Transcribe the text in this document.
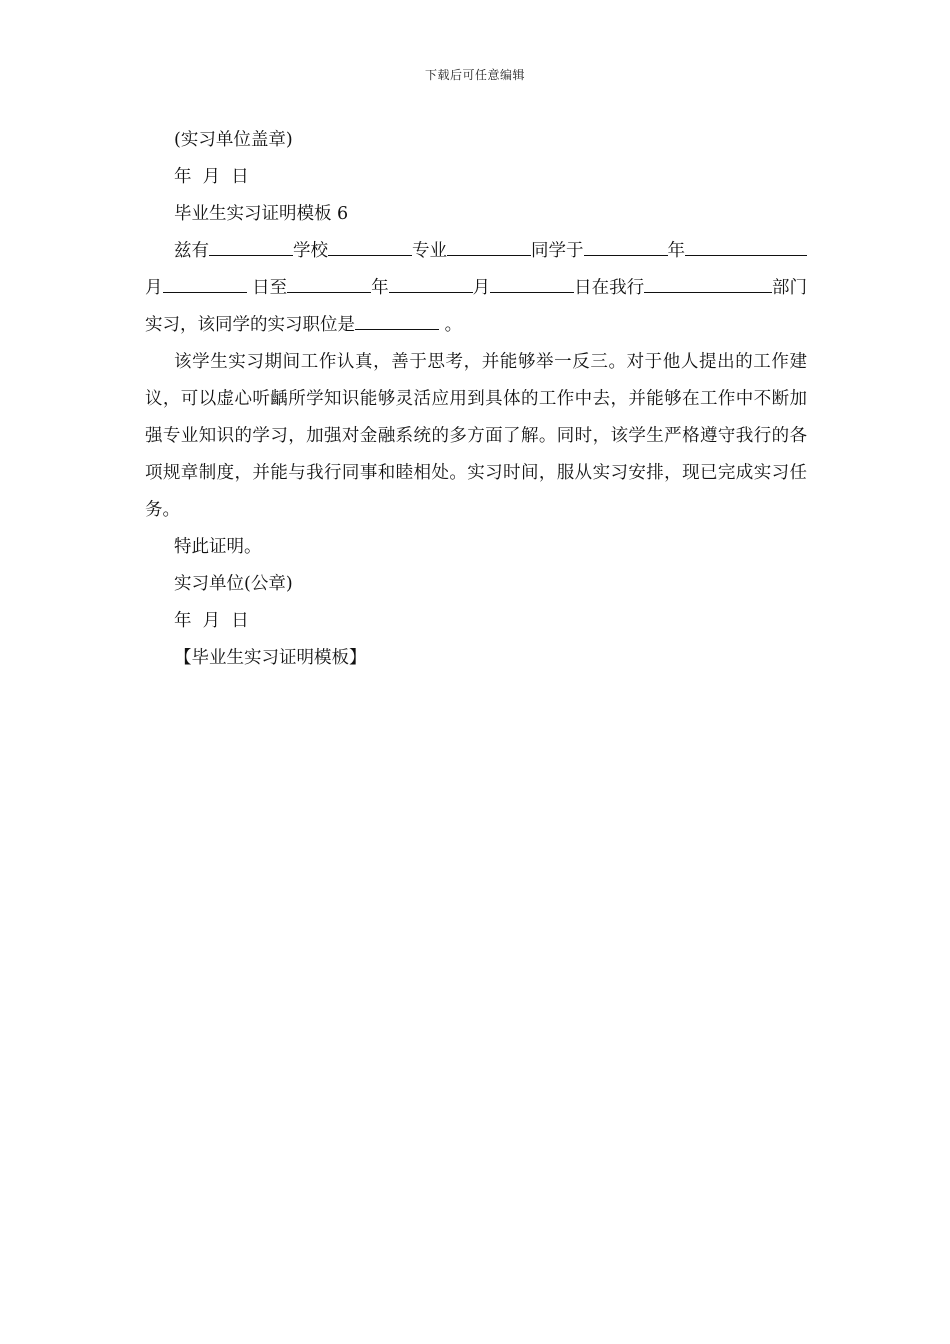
下载后可任意编辑
(实习单位盖章)
年  月  日
毕业生实习证明模板 6
兹有	学校	专业	同学于	年
月	日至	年	月	日在我行	部门
实习，该同学的实习职位是	。

该学生实习期间工作认真，善于思考，并能够举一反三。对于他人提出的工作建议，可以虚心听齲所学知识能够灵活应用到具体的工作中去，并能够在工作中不断加强专业知识的学习，加强对金融系统的多方面了解。同时，该学生严格遵守我行的各项规章制度，并能与我行同事和睦相处。实习时间，服从实习安排，现已完成实习任务。

特此证明。
实习单位(公章)
年  月  日
【毕业生实习证明模板】
